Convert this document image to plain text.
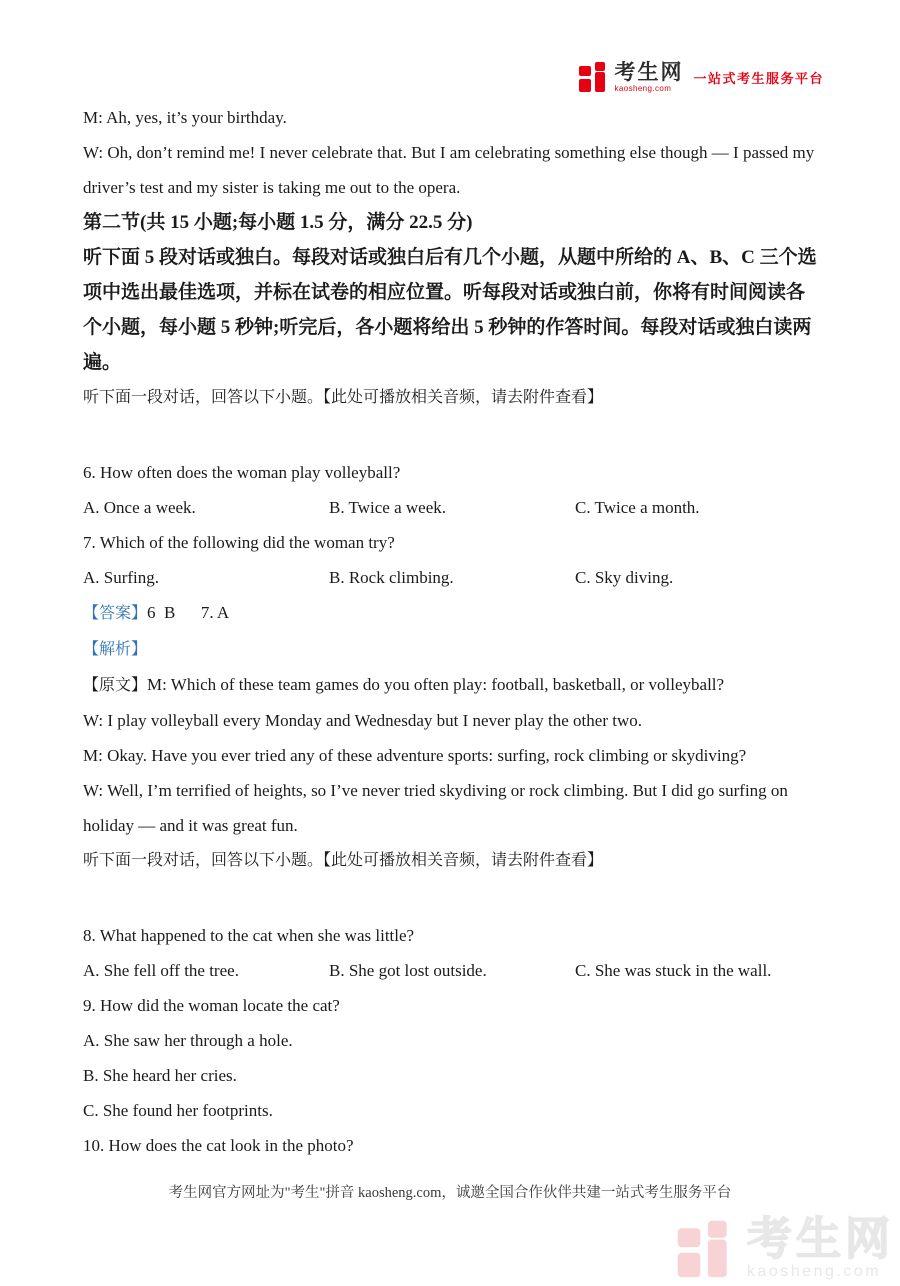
考生网
kaosheng.com
一站式考生服务平台

M: Ah, yes, it’s your birthday.

W: Oh, don’t remind me! I never celebrate that. But I am celebrating something else though — I passed my driver’s test and my sister is taking me out to the opera.

第二节(共 15 小题;每小题 1.5 分，满分 22.5 分)

听下面 5 段对话或独白。每段对话或独白后有几个小题，从题中所给的 A、B、C 三个选项中选出最佳选项，并标在试卷的相应位置。听每段对话或独白前，你将有时间阅读各个小题，每小题 5 秒钟;听完后，各小题将给出 5 秒钟的作答时间。每段对话或独白读两遍。

听下面一段对话，回答以下小题。【此处可播放相关音频，请去附件查看】

6. How often does the woman play volleyball?

A. Once a week.	B. Twice a week.	C. Twice a month.

7. Which of the following did the woman try?

A. Surfing.	B. Rock climbing.	C. Sky diving.

【答案】6  B      7. A

【解析】

【原文】M: Which of these team games do you often play: football, basketball, or volleyball?

W: I play volleyball every Monday and Wednesday but I never play the other two.

M: Okay. Have you ever tried any of these adventure sports: surfing, rock climbing or skydiving?

W: Well, I’m terrified of heights, so I’ve never tried skydiving or rock climbing. But I did go surfing on holiday — and it was great fun.

听下面一段对话，回答以下小题。【此处可播放相关音频，请去附件查看】

8. What happened to the cat when she was little?

A. She fell off the tree.	B. She got lost outside.	C. She was stuck in the wall.

9. How did the woman locate the cat?

A. She saw her through a hole.

B. She heard her cries.

C. She found her footprints.

10. How does the cat look in the photo?

考生网官方网址为"考生"拼音 kaosheng.com，诚邀全国合作伙伴共建一站式考生服务平台
考生网
kaosheng.com
